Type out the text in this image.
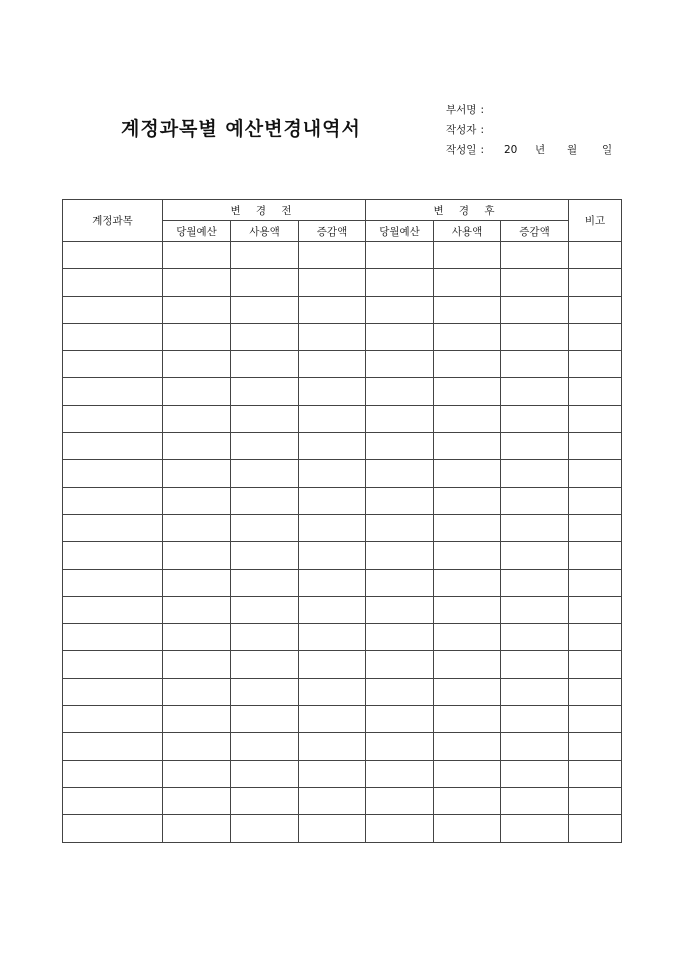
계정과목별 예산변경내역서
부서명 :
작성자 :
작성일 : 20 년 월 일
계정과목	변 경 전			변 경 후			비고
	당월예산	사용액	증감액	당월예산	사용액	증감액	
